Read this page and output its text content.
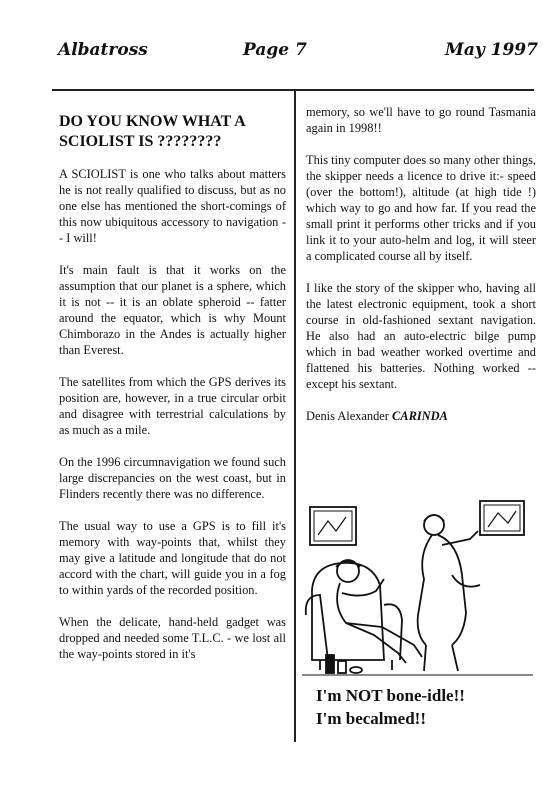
Albatross	Page 7	May 1997
DO YOU KNOW WHAT A SCIOLIST IS ????????

A SCIOLIST is one who talks about matters he is not really qualified to discuss, but as no one else has mentioned the short-comings of this now ubiquitous accessory to navigation -- I will!

It's main fault is that it works on the assumption that our planet is a sphere, which it is not -- it is an oblate spheroid -- fatter around the equator, which is why Mount Chimborazo in the Andes is actually higher than Everest.

The satellites from which the GPS derives its position are, however, in a true circular orbit and disagree with terrestrial calculations by as much as a mile.

On the 1996 circumnavigation we found such large discrepancies on the west coast, but in Flinders recently there was no difference.

The usual way to use a GPS is to fill it's memory with way-points that, whilst they may give a latitude and longitude that do not accord with the chart, will guide you in a fog to within yards of the recorded position.

When the delicate, hand-held gadget was dropped and needed some T.L.C. - we lost all the way-points stored in it's

memory, so we'll have to go round Tasmania again in 1998!!

This tiny computer does so many other things, the skipper needs a licence to drive it:- speed (over the bottom!), altitude (at high tide !) which way to go and how far. If you read the small print it performs other tricks and if you link it to your auto-helm and log, it will steer a complicated course all by itself.

I like the story of the skipper who, having all the latest electronic equipment, took a short course in old-fashioned sextant navigation. He also had an auto-electric bilge pump which in bad weather worked overtime and flattened his batteries. Nothing worked -- except his sextant.

Denis Alexander CARINDA

I'm NOT bone-idle!!
I'm becalmed!!
